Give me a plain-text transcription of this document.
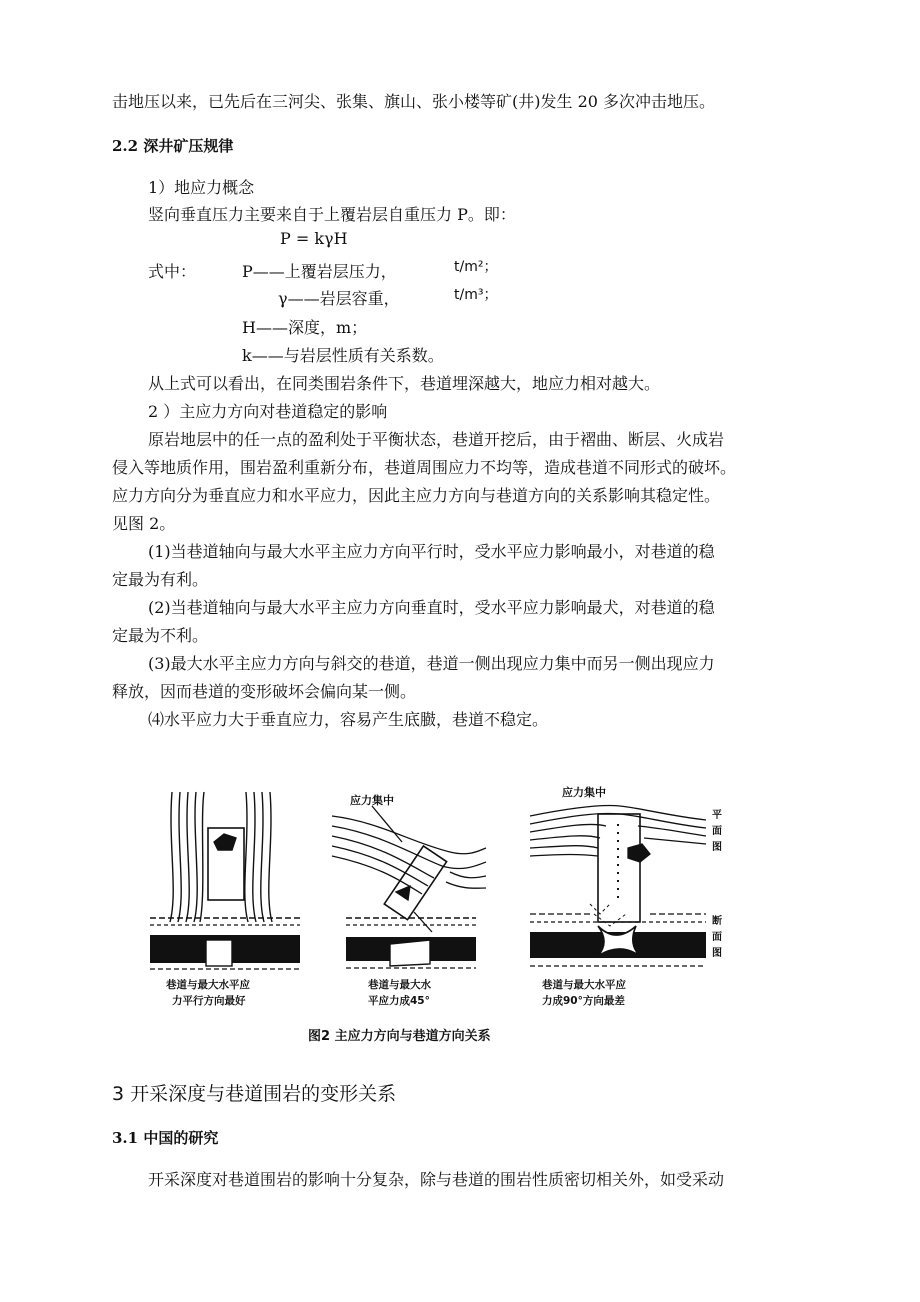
击地压以来，已先后在三河尖、张集、旗山、张小楼等矿(井)发生 20 多次冲击地压。
2.2 深井矿压规律
1）地应力概念
竖向垂直压力主要来自于上覆岩层自重压力 P。即：
P = kγH
式中：	P——上覆岩层压力，	t/m²；
γ——岩层容重，	t/m³；
H——深度，m；
k——与岩层性质有关系数。
从上式可以看出，在同类围岩条件下，巷道埋深越大，地应力相对越大。
2 ）主应力方向对巷道稳定的影响
原岩地层中的任一点的盈利处于平衡状态，巷道开挖后，由于褶曲、断层、火成岩
侵入等地质作用，围岩盈利重新分布，巷道周围应力不均等，造成巷道不同形式的破坏。
应力方向分为垂直应力和水平应力，因此主应力方向与巷道方向的关系影响其稳定性。
见图 2。
(1)当巷道轴向与最大水平主应力方向平行时，受水平应力影响最小，对巷道的稳
定最为有利。
(2)当巷道轴向与最大水平主应力方向垂直时，受水平应力影响最犬，对巷道的稳
定最为不利。
(3)最大水平主应力方向与斜交的巷道，巷道一侧出现应力集中而另一侧出现应力
释放，因而巷道的变形破坏会偏向某一侧。
⑷水平应力大于垂直应力，容易产生底臌，巷道不稳定。
应力集中
应力集中
平
面
图
断
面
图
巷道与最大水平应
力平行方向最好
巷道与最大水
平应力成45°
巷道与最大水平应
力成90°方向最差
图2 主应力方向与巷道方向关系
3 开采深度与巷道围岩的变形关系
3.1 中国的研究
开采深度对巷道围岩的影响十分复杂，除与巷道的围岩性质密切相关外，如受采动
